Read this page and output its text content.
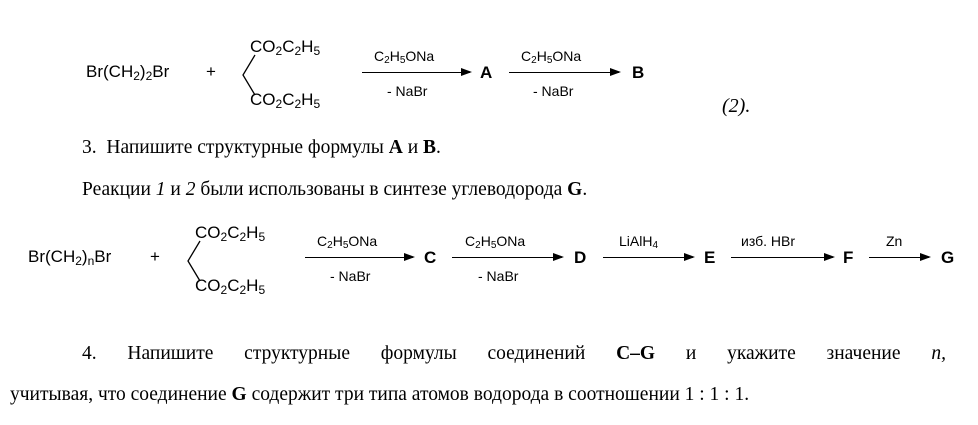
$Br(CH_2)_2Br$ +
$CO_2C_2H_5$
$CO_2C_2H_5$
$C_2H_5ONa$
- NaBr
A
$C_2H_5ONa$
- NaBr
B
(2).
3. Напишите структурные формулы A и B.
Реакции 1 и 2 были использованы в синтезе углеводорода G.
$Br(CH_2)_nBr$ +
$CO_2C_2H_5$
$CO_2C_2H_5$
$C_2H_5ONa$
- NaBr
C
$C_2H_5ONa$
- NaBr
D
LiAlH$_4$
E
изб. HBr
F
Zn
G
4. Напишите структурные формулы соединений C–G и укажите значение n,
учитывая, что соединение G содержит три типа атомов водорода в соотношении 1 : 1 : 1.
